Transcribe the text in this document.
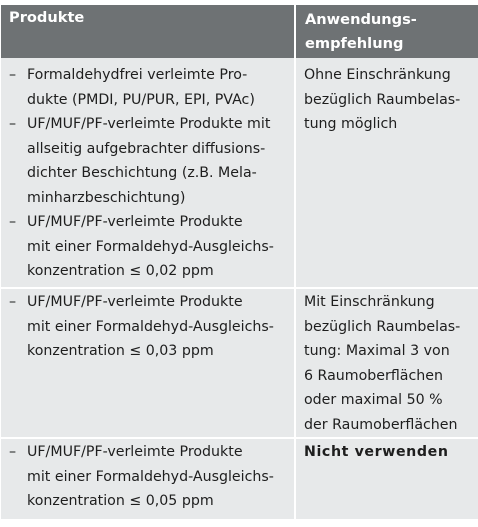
Produkte	Anwendungs-
empfehlung
– Formaldehydfrei verleimte Pro-
dukte (PMDI, PU/PUR, EPI, PVAc)
– UF/MUF/PF-verleimte Produkte mit
allseitig aufgebrachter diffusions-
dichter Beschichtung (z.B. Mela-
minharzbeschichtung)
– UF/MUF/PF-verleimte Produkte
mit einer Formaldehyd-Ausgleichs-
konzentration ≤ 0,02 ppm
Ohne Einschränkung
bezüglich Raumbelas-
tung möglich
– UF/MUF/PF-verleimte Produkte
mit einer Formaldehyd-Ausgleichs-
konzentration ≤ 0,03 ppm
Mit Einschränkung
bezüglich Raumbelas-
tung: Maximal 3 von
6 Raumoberflächen
oder maximal 50 %
der Raumoberflächen
– UF/MUF/PF-verleimte Produkte
mit einer Formaldehyd-Ausgleichs-
konzentration ≤ 0,05 ppm
Nicht verwenden
